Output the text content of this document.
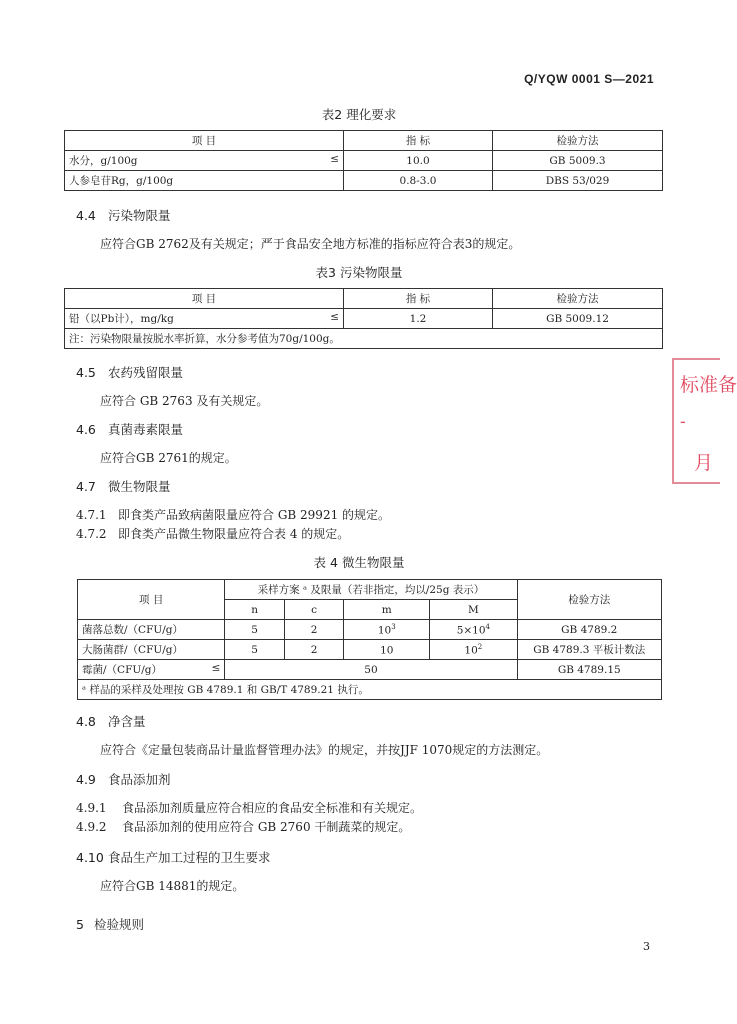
Q/YQW 0001 S—2021
表2 理化要求
项 目	指 标	检验方法
水分，g/100g ≤	10.0	GB 5009.3
人参皂苷Rg，g/100g	0.8-3.0	DBS 53/029
4.4 污染物限量
应符合GB 2762及有关规定；严于食品安全地方标准的指标应符合表3的规定。
表3 污染物限量
项 目	指 标	检验方法
铅（以Pb计），mg/kg ≤	1.2	GB 5009.12
注：污染物限量按脱水率折算，水分参考值为70g/100g。		
4.5 农药残留限量
应符合 GB 2763 及有关规定。
4.6 真菌毒素限量
应符合GB 2761的规定。
4.7 微生物限量
4.7.1 即食类产品致病菌限量应符合 GB 29921 的规定。
4.7.2 即食类产品微生物限量应符合表 4 的规定。
表 4 微生物限量
项 目	采样方案 ᵃ 及限量（若非指定，均以/25g 表示）				检验方法
	n	c	m	M	
菌落总数/（CFU/g）	5	2	$10^3$	$5\times 10^4$	GB 4789.2
大肠菌群/（CFU/g）	5	2	10	$10^2$	GB 4789.3 平板计数法
霉菌/（CFU/g） ≤	50				GB 4789.15
ᵃ 样品的采样及处理按 GB 4789.1 和 GB/T 4789.21 执行。					
4.8 净含量
应符合《定量包装商品计量监督管理办法》的规定，并按JJF 1070规定的方法测定。
4.9 食品添加剂
4.9.1 食品添加剂质量应符合相应的食品安全标准和有关规定。
4.9.2 食品添加剂的使用应符合 GB 2760 干制蔬菜的规定。
4.10 食品生产加工过程的卫生要求
应符合GB 14881的规定。
5 检验规则
标准备
-
月
3
